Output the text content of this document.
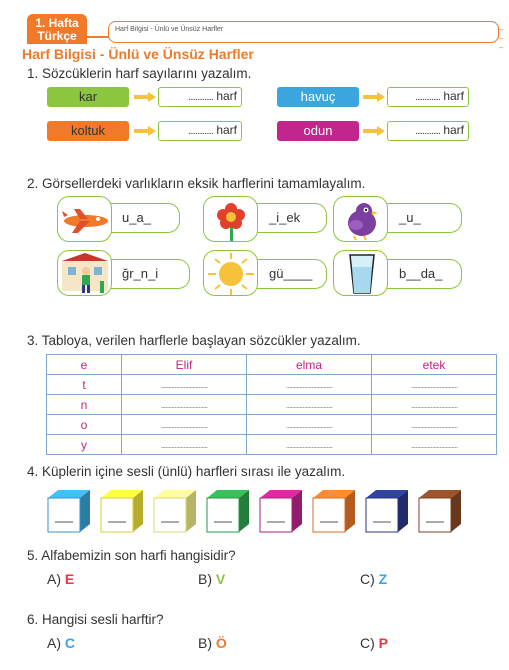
1. Hafta
Türkçe	Harf Bilgisi - Ünlü ve Ünsüz Harfler	–
–
–
Harf Bilgisi - Ünlü ve Ünsüz Harfler
1. Sözcüklerin harf sayılarını yazalım.
kar	.............. harf	havuç	.............. harf
koltuk	.............. harf	odun	.............. harf
2. Görsellerdeki varlıkların eksik harflerini tamamlayalım.
u_a_	_i_ek	_u_
ğr_n_i	gü____	b__da_
3. Tabloya, verilen harflerle başlayan sözcükler yazalım.
e	Elif	elma	etek
t	...............................	...............................	...............................
n	...............................	...............................	...............................
o	...............................	...............................	...............................
y	...............................	...............................	...............................
4. Küplerin içine sesli (ünlü) harfleri sırası ile yazalım.
5. Alfabemizin son harfi hangisidir?
A) E	B) V	C) Z
6. Hangisi sesli harftir?
A) C	B) Ö	C) P
